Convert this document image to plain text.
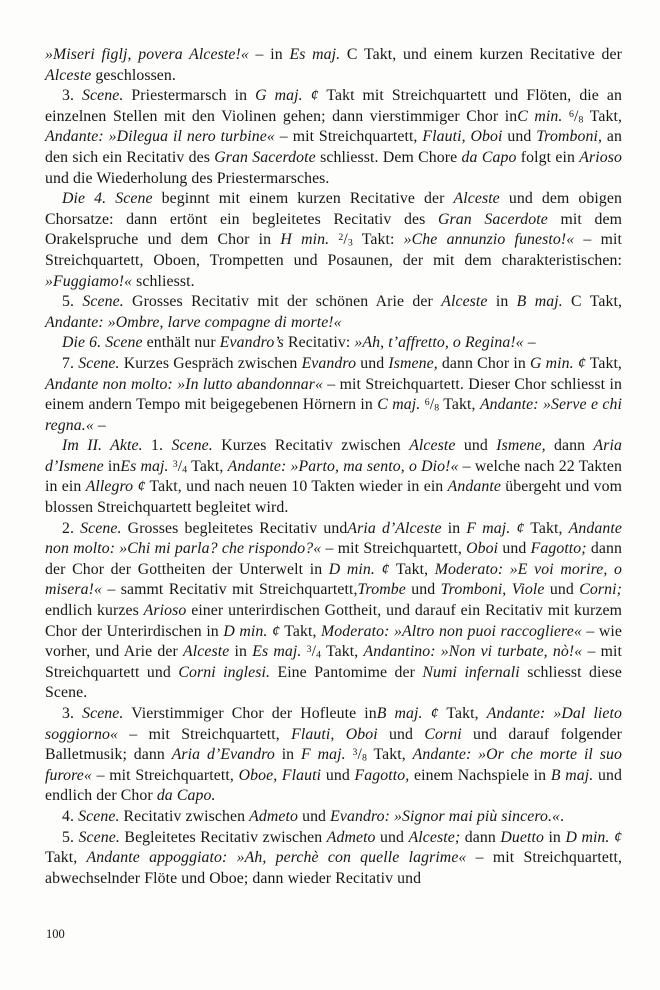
»Miseri figlj, povera Alceste!« – in Es maj. C Takt, und einem kurzen Recitative der Alceste geschlossen.

3. Scene. Priestermarsch in G maj. ¢ Takt mit Streichquartett und Flöten, die an einzelnen Stellen mit den Violinen gehen; dann vierstimmiger Chor inC min. $^6$/8 Takt, Andante: »Dilegua il nero turbine« – mit Streichquartett, Flauti, Oboi und Tromboni, an den sich ein Recitativ des Gran Sacerdote schliesst. Dem Chore da Capo folgt ein Arioso und die Wiederholung des Priestermarsches.

Die 4. Scene beginnt mit einem kurzen Recitative der Alceste und dem obigen Chorsatze: dann ertönt ein begleitetes Recitativ des Gran Sacerdote mit dem Orakelspruche und dem Chor in H min. $^2$/3 Takt: »Che annunzio funesto!« – mit Streichquartett, Oboen, Trompetten und Posaunen, der mit dem charakteristischen: »Fuggiamo!« schliesst.

5. Scene. Grosses Recitativ mit der schönen Arie der Alceste in B maj. C Takt, Andante: »Ombre, larve compagne di morte!«

Die 6. Scene enthält nur Evandro’s Recitativ: »Ah, t’affretto, o Regina!« –

7. Scene. Kurzes Gespräch zwischen Evandro und Ismene, dann Chor in G min. ¢ Takt, Andante non molto: »In lutto abandonnar« – mit Streichquartett. Dieser Chor schliesst in einem andern Tempo mit beigegebenen Hörnern in C maj. $^6$/8 Takt, Andante: »Serve e chi regna.« –

Im II. Akte. 1. Scene. Kurzes Recitativ zwischen Alceste und Ismene, dann Aria d’Ismene inEs maj. $^3$/4 Takt, Andante: »Parto, ma sento, o Dio!« – welche nach 22 Takten in ein Allegro ¢ Takt, und nach neuen 10 Takten wieder in ein Andante übergeht und vom blossen Streichquartett begleitet wird.

2. Scene. Grosses begleitetes Recitativ undAria d’Alceste in F maj. ¢ Takt, Andante non molto: »Chi mi parla? che rispondo?« – mit Streichquartett, Oboi und Fagotto; dann der Chor der Gottheiten der Unterwelt in D min. ¢ Takt, Moderato: »E voi morire, o misera!« – sammt Recitativ mit Streichquartett,Trombe und Tromboni, Viole und Corni; endlich kurzes Arioso einer unterirdischen Gottheit, und darauf ein Recitativ mit kurzem Chor der Unterirdischen in D min. ¢ Takt, Moderato: »Altro non puoi raccogliere« – wie vorher, und Arie der Alceste in Es maj. $^3$/4 Takt, Andantino: »Non vi turbate, nò!« – mit Streichquartett und Corni inglesi. Eine Pantomime der Numi infernali schliesst diese Scene.

3. Scene. Vierstimmiger Chor der Hofleute inB maj. ¢ Takt, Andante: »Dal lieto soggiorno« – mit Streichquartett, Flauti, Oboi und Corni und darauf folgender Balletmusik; dann Aria d’Evandro in F maj. $^3$/8 Takt, Andante: »Or che morte il suo furore« – mit Streichquartett, Oboe, Flauti und Fagotto, einem Nachspiele in B maj. und endlich der Chor da Capo.

4. Scene. Recitativ zwischen Admeto und Evandro: »Signor mai più sincero.«.

5. Scene. Begleitetes Recitativ zwischen Admeto und Alceste; dann Duetto in D min. ¢ Takt, Andante appoggiato: »Ah, perchè con quelle lagrime« – mit Streichquartett, abwechselnder Flöte und Oboe; dann wieder Recitativ und

100
